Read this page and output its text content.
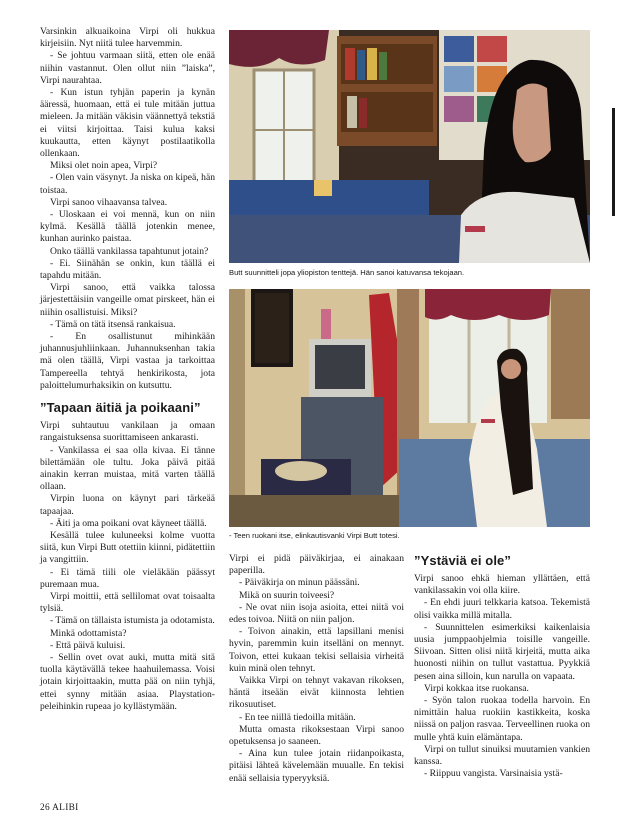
Varsinkin alkuaikoina Virpi oli hukkua kirjeisiin. Nyt niitä tulee harvemmin.

- Se johtuu varmaan siitä, etten ole enää niihin vastannut. Olen ollut niin ”laiska”, Virpi naurahtaa.

- Kun istun tyhjän paperin ja kynän ääressä, huomaan, että ei tule mitään juttua mieleen. Ja mitään väkisin väännettyä tekstiä ei viitsi kirjoittaa. Taisi kulua kaksi kuukautta, etten käynyt postilaatikolla ollenkaan.

Miksi olet noin apea, Virpi?

- Olen vain väsynyt. Ja niska on kipeä, hän toistaa.

Virpi sanoo vihaavansa talvea.

- Uloskaan ei voi mennä, kun on niin kylmä. Kesällä täällä jotenkin menee, kunhan aurinko paistaa.

Onko täällä vankilassa tapahtunut jotain?

- Ei. Siinähän se onkin, kun täällä ei tapahdu mitään.

Virpi sanoo, että vaikka talossa järjestettäisiin vangeille omat pirskeet, hän ei niihin osallistuisi. Miksi?

- Tämä on tätä itsensä rankaisua.

- En osallistunut mihinkään juhannusjuhliinkaan. Juhannuksenhan takia mä olen täällä, Virpi vastaa ja tarkoittaa Tampereella tehtyä henkirikosta, jota paloittelumurhaksikin on kutsuttu.

”Tapaan äitiä ja poikaani”

Virpi suhtautuu vankilaan ja omaan rangaistuksensa suorittamiseen ankarasti.

- Vankilassa ei saa olla kivaa. Ei tänne bilettämään ole tultu. Joka päivä pitää ainakin kerran muistaa, mitä varten täällä ollaan.

Virpin luona on käynyt pari tärkeää tapaajaa.

- Äiti ja oma poikani ovat käyneet täällä.

Kesällä tulee kuluneeksi kolme vuotta siitä, kun Virpi Butt otettiin kiinni, pidätettiin ja vangittiin.

- Ei tämä tiili ole vieläkään päässyt puremaan mua.

Virpi moittii, että sellilomat ovat toisaalta tylsiä.

- Tämä on tällaista istumista ja odotamista.

Minkä odottamista?

- Että päivä kuluisi.

- Sellin ovet ovat auki, mutta mitä sitä tuolla käytävällä tekee haahuilemassa. Voisi jotain kirjoittaakin, mutta pää on niin tyhjä, ettei synny mitään asiaa. Playstation-peleihinkin rupeaa jo kyllästymään.

Butt suunnitteli jopa yliopiston tenttejä. Hän sanoi katuvansa tekojaan.
- Teen ruokani itse, elinkautisvanki Virpi Butt totesi.

Virpi ei pidä päiväkirjaa, ei ainakaan paperilla.

- Päiväkirja on minun päässäni.

Mikä on suurin toiveesi?

- Ne ovat niin isoja asioita, ettei niitä voi edes toivoa. Niitä on niin paljon.

- Toivon ainakin, että lapsillani menisi hyvin, paremmin kuin itselläni on mennyt. Toivon, ettei kukaan tekisi sellaisia virheitä kuin minä olen tehnyt.

Vaikka Virpi on tehnyt vakavan rikoksen, häntä itseään eivät kiinnosta lehtien rikosuutiset.

- En tee niillä tiedoilla mitään.

Mutta omasta rikoksestaan Virpi sanoo opetuksensa jo saaneen.

- Aina kun tulee jotain riidanpoikasta, pitäisi lähteä kävelemään muualle. En tekisi enää sellaisia typeryyksiä.

”Ystäviä ei ole”

Virpi sanoo ehkä hieman yllättäen, että vankilassakin voi olla kiire.

- En ehdi juuri telkkaria katsoa. Tekemistä olisi vaikka millä mitalla.

- Suunnittelen esimerkiksi kaikenlaisia uusia jumppaohjelmia toisille vangeille. Siivoan. Sitten olisi niitä kirjeitä, mutta aika huonosti niihin on tullut vastattua. Pyykkiä pesen aina silloin, kun narulla on vapaata.

Virpi kokkaa itse ruokansa.

- Syön talon ruokaa todella harvoin. En nimittäin halua ruokiin kastikkeita, koska niissä on paljon rasvaa. Terveellinen ruoka on mulle yhtä kuin elämäntapa.

Virpi on tullut sinuiksi muutamien vankien kanssa.

- Riippuu vangista. Varsinaisia ystä-

26 ALIBI
